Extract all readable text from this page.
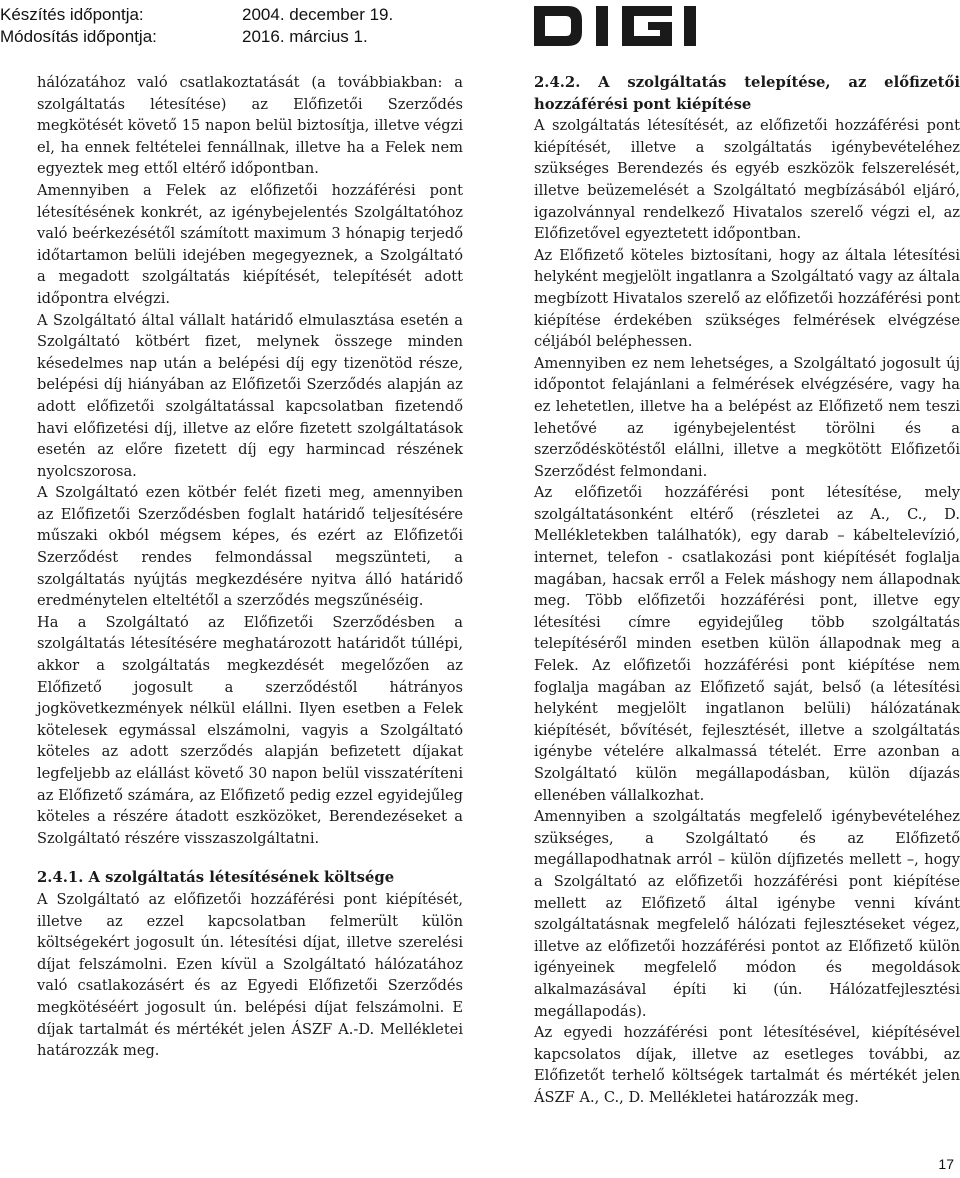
Készítés időpontja:	2004. december 19.
Módosítás időpontja:	2016. március 1.

hálózatához való csatlakoztatását (a továbbiakban: a szolgáltatás létesítése) az Előfizetői Szerződés megkötését követő 15 napon belül biztosítja, illetve végzi el, ha ennek feltételei fennállnak, illetve ha a Felek nem egyeztek meg ettől eltérő időpontban.

Amennyiben a Felek az előfizetői hozzáférési pont létesítésének konkrét, az igénybejelentés Szolgáltatóhoz való beérkezésétől számított maximum 3 hónapig terjedő időtartamon belüli idejében megegyeznek, a Szolgáltató a megadott szolgáltatás kiépítését, telepítését adott időpontra elvégzi.

A Szolgáltató által vállalt határidő elmulasztása esetén a Szolgáltató kötbért fizet, melynek összege minden késedelmes nap után a belépési díj egy tizenötöd része, belépési díj hiányában az Előfizetői Szerződés alapján az adott előfizetői szolgáltatással kapcsolatban fizetendő havi előfizetési díj, illetve az előre fizetett szolgáltatások esetén az előre fizetett díj egy harmincad részének nyolcszorosa.

A Szolgáltató ezen kötbér felét fizeti meg, amennyiben az Előfizetői Szerződésben foglalt határidő teljesítésére műszaki okból mégsem képes, és ezért az Előfizetői Szerződést rendes felmondással megszünteti, a szolgáltatás nyújtás megkezdésére nyitva álló határidő eredménytelen elteltétől a szerződés megszűnéséig.

Ha a Szolgáltató az Előfizetői Szerződésben a szolgáltatás létesítésére meghatározott határidőt túllépi, akkor a szolgáltatás megkezdését megelőzően az Előfizető jogosult a szerződéstől hátrányos jogkövetkezmények nélkül elállni. Ilyen esetben a Felek kötelesek egymással elszámolni, vagyis a Szolgáltató köteles az adott szerződés alapján befizetett díjakat legfeljebb az elállást követő 30 napon belül visszatéríteni az Előfizető számára, az Előfizető pedig ezzel egyidejűleg köteles a részére átadott eszközöket, Berendezéseket a Szolgáltató részére visszaszolgáltatni.

2.4.1. A szolgáltatás létesítésének költsége

A Szolgáltató az előfizetői hozzáférési pont kiépítését, illetve az ezzel kapcsolatban felmerült külön költségekért jogosult ún. létesítési díjat, illetve szerelési díjat felszámolni. Ezen kívül a Szolgáltató hálózatához való csatlakozásért és az Egyedi Előfizetői Szerződés megkötéséért jogosult ún. belépési díjat felszámolni. E díjak tartalmát és mértékét jelen ÁSZF A.-D. Mellékletei határozzák meg.

2.4.2. A szolgáltatás telepítése, az előfizetői hozzáférési pont kiépítése

A szolgáltatás létesítését, az előfizetői hozzáférési pont kiépítését, illetve a szolgáltatás igénybevételéhez szükséges Berendezés és egyéb eszközök felszerelését, illetve beüzemelését a Szolgáltató megbízásából eljáró, igazolvánnyal rendelkező Hivatalos szerelő végzi el, az Előfizetővel egyeztetett időpontban.

Az Előfizető köteles biztosítani, hogy az általa létesítési helyként megjelölt ingatlanra a Szolgáltató vagy az általa megbízott Hivatalos szerelő az előfizetői hozzáférési pont kiépítése érdekében szükséges felmérések elvégzése céljából beléphessen.

Amennyiben ez nem lehetséges, a Szolgáltató jogosult új időpontot felajánlani a felmérések elvégzésére, vagy ha ez lehetetlen, illetve ha a belépést az Előfizető nem teszi lehetővé az igénybejelentést törölni és a szerződéskötéstől elállni, illetve a megkötött Előfizetői Szerződést felmondani.

Az előfizetői hozzáférési pont létesítése, mely szolgáltatásonként eltérő (részletei az A., C., D. Mellékletekben találhatók), egy darab – kábeltelevízió, internet, telefon - csatlakozási pont kiépítését foglalja magában, hacsak erről a Felek máshogy nem állapodnak meg. Több előfizetői hozzáférési pont, illetve egy létesítési címre egyidejűleg több szolgáltatás telepítéséről minden esetben külön állapodnak meg a Felek. Az előfizetői hozzáférési pont kiépítése nem foglalja magában az Előfizető saját, belső (a létesítési helyként megjelölt ingatlanon belüli) hálózatának kiépítését, bővítését, fejlesztését, illetve a szolgáltatás igénybe vételére alkalmassá tételét. Erre azonban a Szolgáltató külön megállapodásban, külön díjazás ellenében vállalkozhat.

Amennyiben a szolgáltatás megfelelő igénybevételéhez szükséges, a Szolgáltató és az Előfizető megállapodhatnak arról – külön díjfizetés mellett –, hogy a Szolgáltató az előfizetői hozzáférési pont kiépítése mellett az Előfizető által igénybe venni kívánt szolgáltatásnak megfelelő hálózati fejlesztéseket végez, illetve az előfizetői hozzáférési pontot az Előfizető külön igényeinek megfelelő módon és megoldások alkalmazásával építi ki (ún. Hálózatfejlesztési megállapodás).

Az egyedi hozzáférési pont létesítésével, kiépítésével kapcsolatos díjak, illetve az esetleges további, az Előfizetőt terhelő költségek tartalmát és mértékét jelen ÁSZF A., C., D. Mellékletei határozzák meg.

17
